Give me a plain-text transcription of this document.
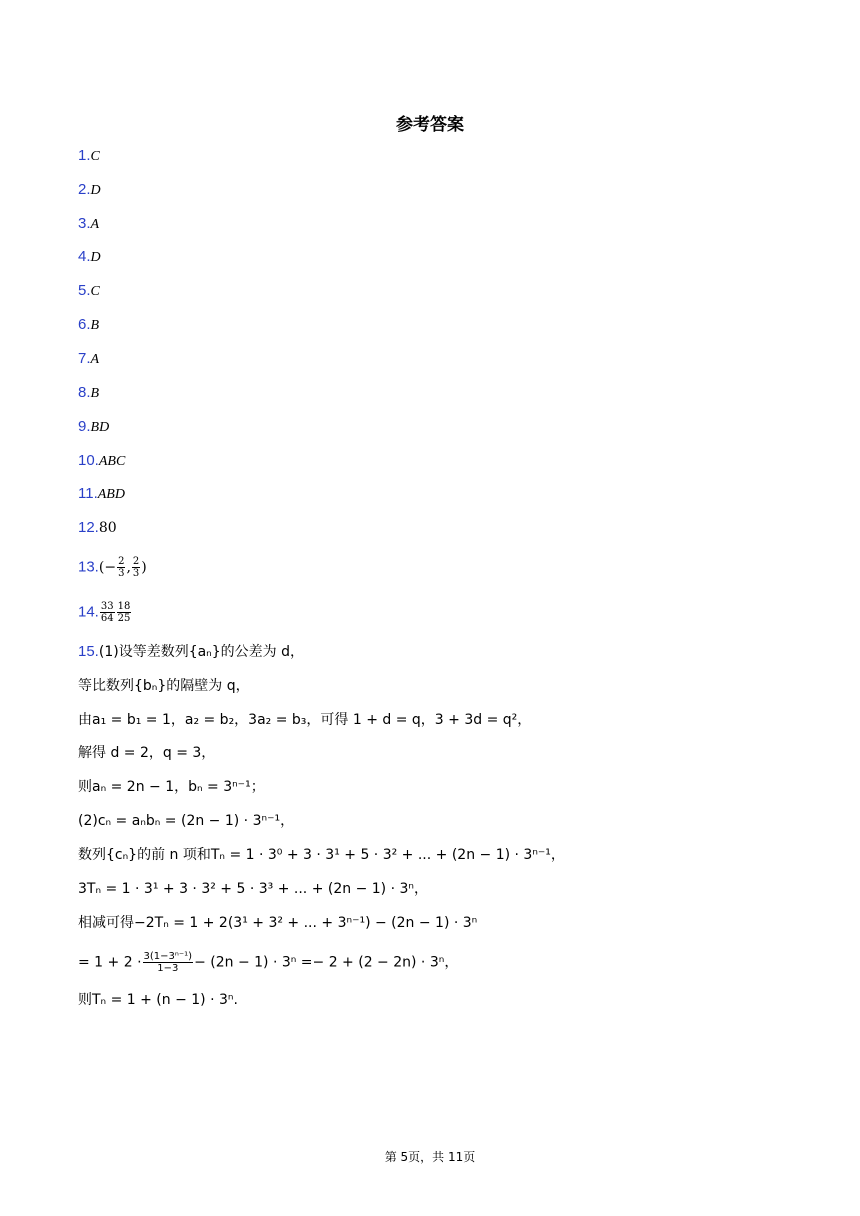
参考答案
1.C
2.D
3.A
4.D
5.C
6.B
7.A
8.B
9.BD
10.ABC
11.ABD
12.80
$13.(- \frac{2}{3}$ , $\frac{2}{3}$ )
14. $\frac{33}{64} \frac{18}{25}$
15.(1)设等差数列{aₙ}的公差为 d，
等比数列{bₙ}的隔壁为 q，
由a₁ = b₁ = 1，a₂ = b₂，3a₂ = b₃，可得 1 + d = q，3 + 3d = q²，
解得 d = 2，q = 3，
则aₙ = 2n − 1，bₙ = 3ⁿ⁻¹；
(2)cₙ = aₙbₙ = (2n − 1) · 3ⁿ⁻¹，
数列{cₙ}的前 n 项和Tₙ = 1 · 3⁰ + 3 · 3¹ + 5 · 3² + ... + (2n − 1) · 3ⁿ⁻¹，
3Tₙ = 1 · 3¹ + 3 · 3² + 5 · 3³ + ... + (2n − 1) · 3ⁿ，
相减可得−2Tₙ = 1 + 2(3¹ + 3² + ... + 3ⁿ⁻¹) − (2n − 1) · 3ⁿ
= $1 + 2 \cdot \frac{\text{3(1−3ⁿ⁻¹)}}{1-3} - (2n - 1) \cdot 3^n =- 2 + (2 - 2n) \cdot 3^n$，
则Tₙ = 1 + (n − 1) · 3ⁿ.
第 5页，共 11页
